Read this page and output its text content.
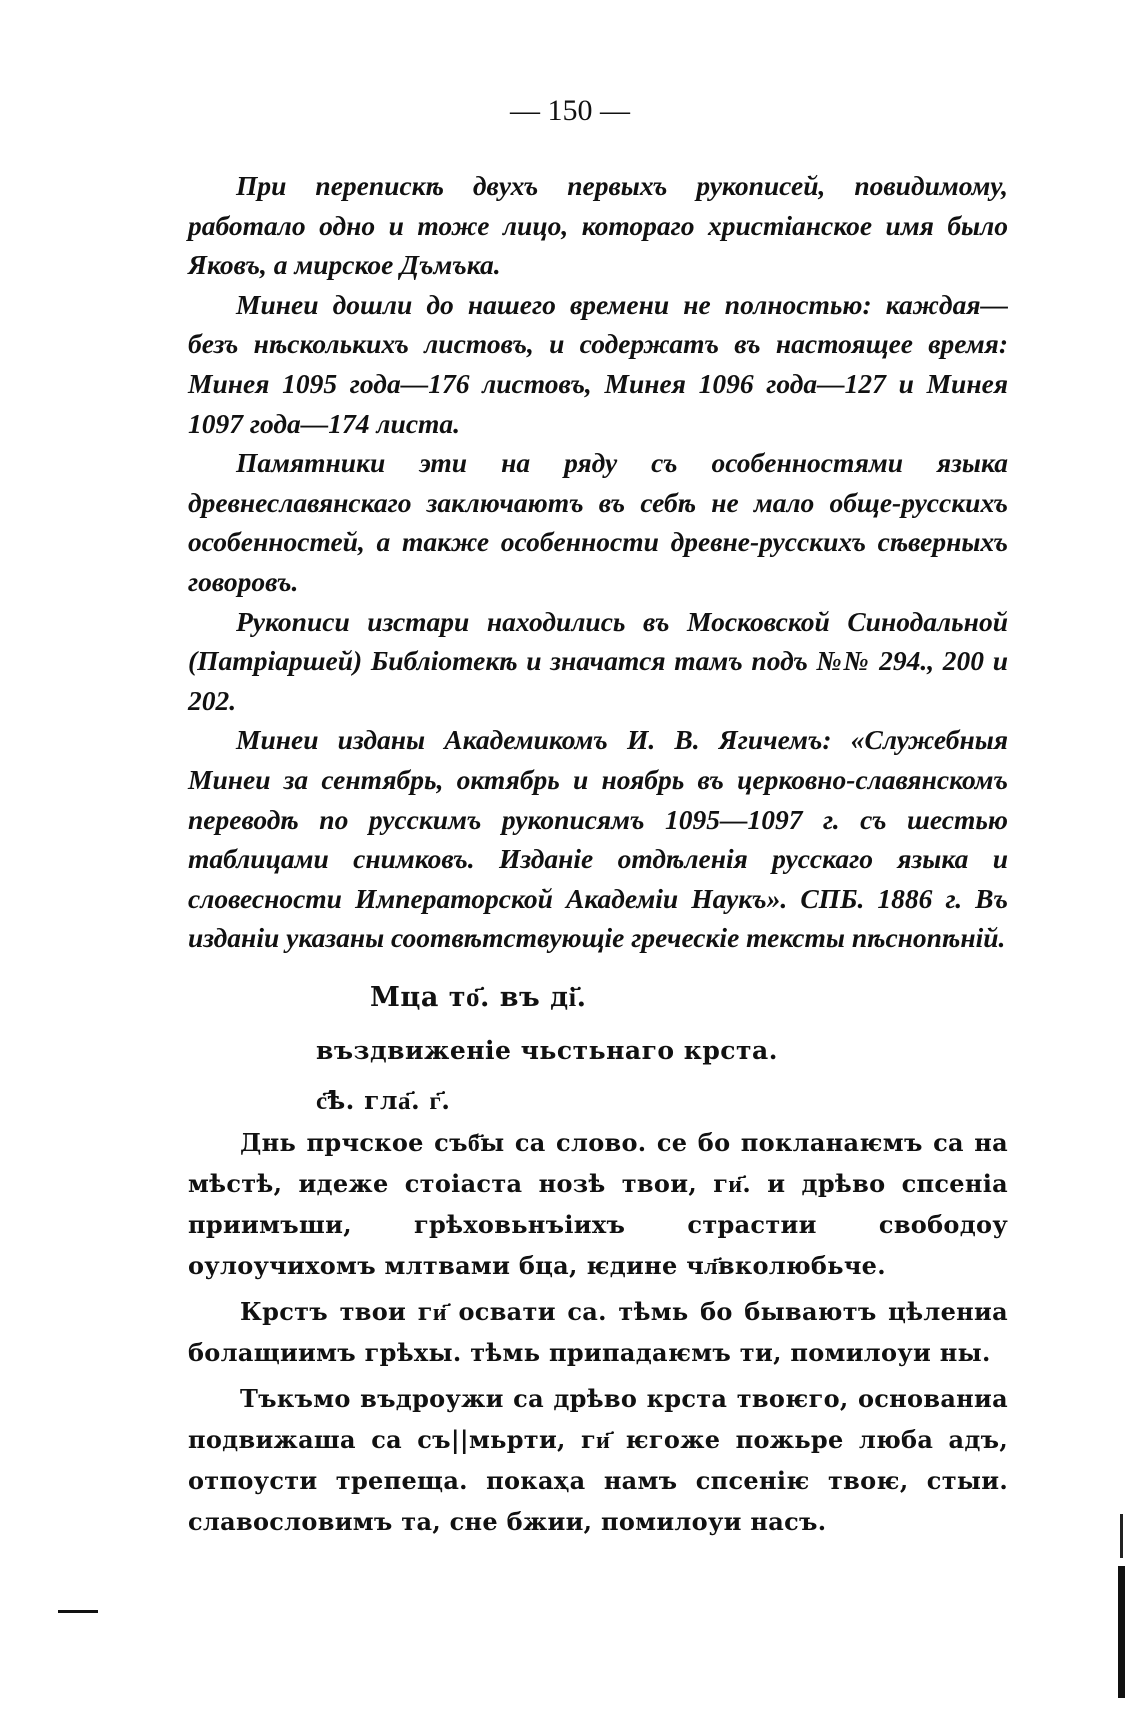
— 150 —

При перепискѣ двухъ первыхъ рукописей, повидимому, работало одно и тоже лицо, котораго христіанское имя было Яковъ, а мирское Дъмъка.

Минеи дошли до нашего времени не полностью: каждая— безъ нѣсколькихъ листовъ, и содержатъ въ настоящее время: Минея 1095 года—176 листовъ, Минея 1096 года—127 и Минея 1097 года—174 листа.

Памятники эти на ряду съ особенностями языка древнеславянскаго заключаютъ въ себѣ не мало обще-русскихъ особенностей, а также особенности древне-русскихъ сѣверныхъ говоровъ.

Рукописи изстари находились въ Московской Синодальной (Патріаршей) Библіотекѣ и значатся тамъ подъ №№ 294., 200 и 202.

Минеи изданы Академикомъ И. В. Ягичемъ: «Служебныя Минеи за сентябрь, октябрь и ноябрь въ церковно-славянскомъ переводѣ по русскимъ рукописямъ 1095—1097 г. съ шестью таблицами снимковъ. Изданіе отдѣленія русскаго языка и словесности Императорской Академіи Наукъ». СПБ. 1886 г. Въ изданіи указаны соотвѣтствующіе греческіе тексты пѣснопѣній.

Мца то҃. въ ді҃.
въздвиженіе чьстьнаго крста.
с҃ѣ. гла҃. г҃.

Днь прчское съб҃ы са слово. се бо покланаѥмъ са на мѣстѣ, идеже стоіаста нозѣ твои, ги҃. и дрѣво спсеніа приимъши, грѣховьнъіихъ страстии свободоу оулоучихомъ млтвами бца, ѥдине чл҃вколюбьче.

Крстъ твои ги҃ освати са. тѣмь бо бываютъ цѣлениа болащиимъ грѣхы. тѣмь припадаѥмъ ти, помилоуи ны.

Тъкъмо въдроужи са дрѣво крста твоѥго, основаниа подвижаша са съ||мьрти, ги҃ ѥгоже пожьре люба адъ, отпоусти трепеща. покаҳа намъ спсеніѥ твоѥ, стыи. славословимъ та, сне бжии, помилоуи насъ.
